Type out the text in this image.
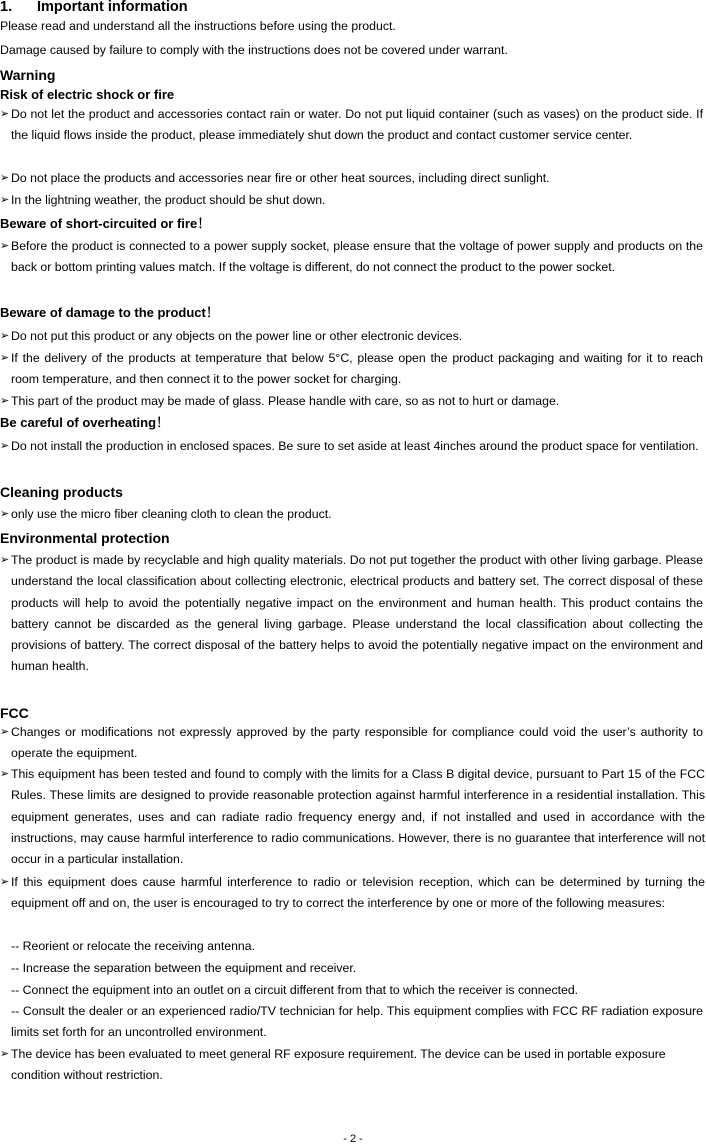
1. Important information
Please read and understand all the instructions before using the product.
Damage caused by failure to comply with the instructions does not be covered under warrant.
Warning
Risk of electric shock or fire
➢ Do not let the product and accessories contact rain or water. Do not put liquid container (such as vases) on the product side. If the liquid flows inside the product, please immediately shut down the product and contact customer service center.
➢ Do not place the products and accessories near fire or other heat sources, including direct sunlight.
➢ In the lightning weather, the product should be shut down.
Beware of short-circuited or fire！
➢ Before the product is connected to a power supply socket, please ensure that the voltage of power supply and products on the back or bottom printing values match. If the voltage is different, do not connect the product to the power socket.
Beware of damage to the product！
➢ Do not put this product or any objects on the power line or other electronic devices.
➢ If the delivery of the products at temperature that below 5°C, please open the product packaging and waiting for it to reach room temperature, and then connect it to the power socket for charging.
➢ This part of the product may be made of glass. Please handle with care, so as not to hurt or damage.
Be careful of overheating！
➢ Do not install the production in enclosed spaces. Be sure to set aside at least 4inches around the product space for ventilation.
Cleaning products
➢ only use the micro fiber cleaning cloth to clean the product.
Environmental protection
➢ The product is made by recyclable and high quality materials. Do not put together the product with other living garbage. Please understand the local classification about collecting electronic, electrical products and battery set. The correct disposal of these products will help to avoid the potentially negative impact on the environment and human health. This product contains the battery cannot be discarded as the general living garbage. Please understand the local classification about collecting the provisions of battery. The correct disposal of the battery helps to avoid the potentially negative impact on the environment and human health.
FCC
➢ Changes or modifications not expressly approved by the party responsible for compliance could void the user’s authority to operate the equipment.
➢ This equipment has been tested and found to comply with the limits for a Class B digital device, pursuant to Part 15 of the FCC Rules. These limits are designed to provide reasonable protection against harmful interference in a residential installation. This equipment generates, uses and can radiate radio frequency energy and, if not installed and used in accordance with the instructions, may cause harmful interference to radio communications. However, there is no guarantee that interference will not occur in a particular installation.
➢ If this equipment does cause harmful interference to radio or television reception, which can be determined by turning the equipment off and on, the user is encouraged to try to correct the interference by one or more of the following measures:
-- Reorient or relocate the receiving antenna.
-- Increase the separation between the equipment and receiver.
-- Connect the equipment into an outlet on a circuit different from that to which the receiver is connected.
-- Consult the dealer or an experienced radio/TV technician for help. This equipment complies with FCC RF radiation exposure limits set forth for an uncontrolled environment.
➢ The device has been evaluated to meet general RF exposure requirement. The device can be used in portable exposure condition without restriction.
- 2 -
